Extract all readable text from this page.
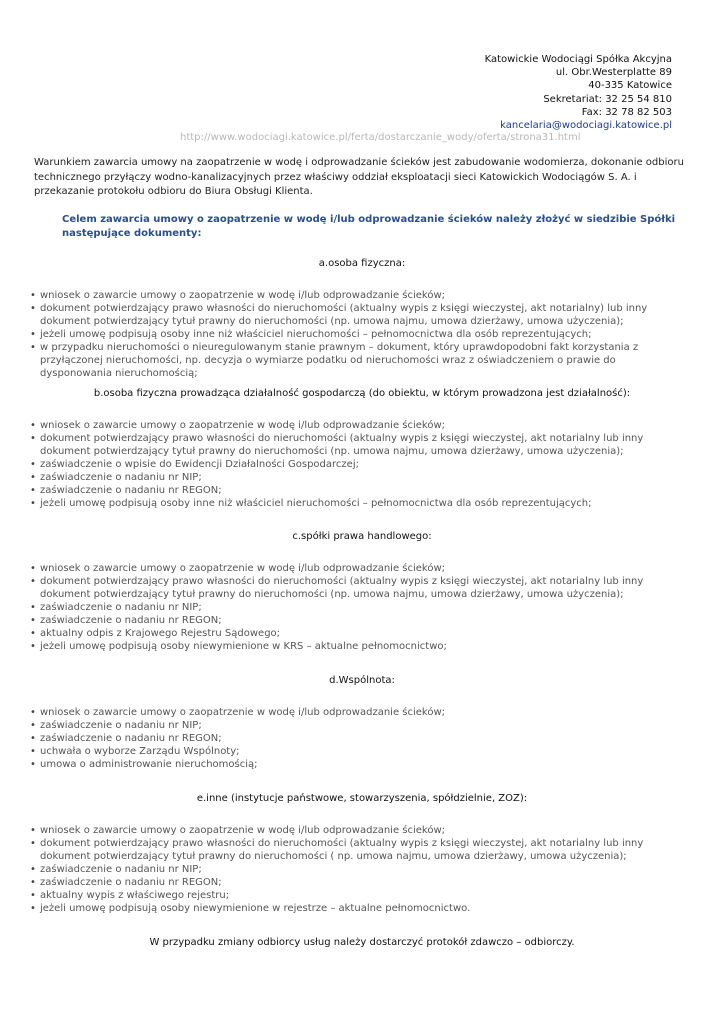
Katowickie Wodociągi Spółka Akcyjna
ul. Obr.Westerplatte 89
40-335 Katowice
Sekretariat: 32 25 54 810
Fax: 32 78 82 503
kancelaria@wodociagi.katowice.pl
http://www.wodociagi.katowice.pl/ferta/dostarczanie_wody/oferta/strona31.html
Warunkiem zawarcia umowy na zaopatrzenie w wodę i odprowadzanie ścieków jest zabudowanie wodomierza, dokonanie odbioru technicznego przyłączy wodno-kanalizacyjnych przez właściwy oddział eksploatacji sieci Katowickich Wodociągów S. A. i przekazanie protokołu odbioru do Biura Obsługi Klienta.
Celem zawarcia umowy o zaopatrzenie w wodę i/lub odprowadzanie ścieków należy złożyć w siedzibie Spółki następujące dokumenty:
a.osoba fizyczna:
• wniosek o zawarcie umowy o zaopatrzenie w wodę i/lub odprowadzanie ścieków;
• dokument potwierdzający prawo własności do nieruchomości (aktualny wypis z księgi wieczystej, akt notarialny) lub inny dokument potwierdzający tytuł prawny do nieruchomości (np. umowa najmu, umowa dzierżawy, umowa użyczenia);
• jeżeli umowę podpisują osoby inne niż właściciel nieruchomości – pełnomocnictwa dla osób reprezentujących;
• w przypadku nieruchomości o nieuregulowanym stanie prawnym – dokument, który uprawdopodobni fakt korzystania z przyłączonej nieruchomości, np. decyzja o wymiarze podatku od nieruchomości wraz z oświadczeniem o prawie do dysponowania nieruchomością;
b.osoba fizyczna prowadząca działalność gospodarczą (do obiektu, w którym prowadzona jest działalność):
• wniosek o zawarcie umowy o zaopatrzenie w wodę i/lub odprowadzanie ścieków;
• dokument potwierdzający prawo własności do nieruchomości (aktualny wypis z księgi wieczystej, akt notarialny lub inny dokument potwierdzający tytuł prawny do nieruchomości (np. umowa najmu, umowa dzierżawy, umowa użyczenia);
• zaświadczenie o wpisie do Ewidencji Działalności Gospodarczej;
• zaświadczenie o nadaniu nr NIP;
• zaświadczenie o nadaniu nr REGON;
• jeżeli umowę podpisują osoby inne niż właściciel nieruchomości – pełnomocnictwa dla osób reprezentujących;
c.spółki prawa handlowego:
• wniosek o zawarcie umowy o zaopatrzenie w wodę i/lub odprowadzanie ścieków;
• dokument potwierdzający prawo własności do nieruchomości (aktualny wypis z księgi wieczystej, akt notarialny lub inny dokument potwierdzający tytuł prawny do nieruchomości (np. umowa najmu, umowa dzierżawy, umowa użyczenia);
• zaświadczenie o nadaniu nr NIP;
• zaświadczenie o nadaniu nr REGON;
• aktualny odpis z Krajowego Rejestru Sądowego;
• jeżeli umowę podpisują osoby niewymienione w KRS – aktualne pełnomocnictwo;
d.Wspólnota:
• wniosek o zawarcie umowy o zaopatrzenie w wodę i/lub odprowadzanie ścieków;
• zaświadczenie o nadaniu nr NIP;
• zaświadczenie o nadaniu nr REGON;
• uchwała o wyborze Zarządu Wspólnoty;
• umowa o administrowanie nieruchomością;
e.inne (instytucje państwowe, stowarzyszenia, spółdzielnie, ZOZ):
• wniosek o zawarcie umowy o zaopatrzenie w wodę i/lub odprowadzanie ścieków;
• dokument potwierdzający prawo własności do nieruchomości (aktualny wypis z księgi wieczystej, akt notarialny lub inny dokument potwierdzający tytuł prawny do nieruchomości ( np. umowa najmu, umowa dzierżawy, umowa użyczenia);
• zaświadczenie o nadaniu nr NIP;
• zaświadczenie o nadaniu nr REGON;
• aktualny wypis z właściwego rejestru;
• jeżeli umowę podpisują osoby niewymienione w rejestrze – aktualne pełnomocnictwo.
W przypadku zmiany odbiorcy usług należy dostarczyć protokół zdawczo – odbiorczy.
